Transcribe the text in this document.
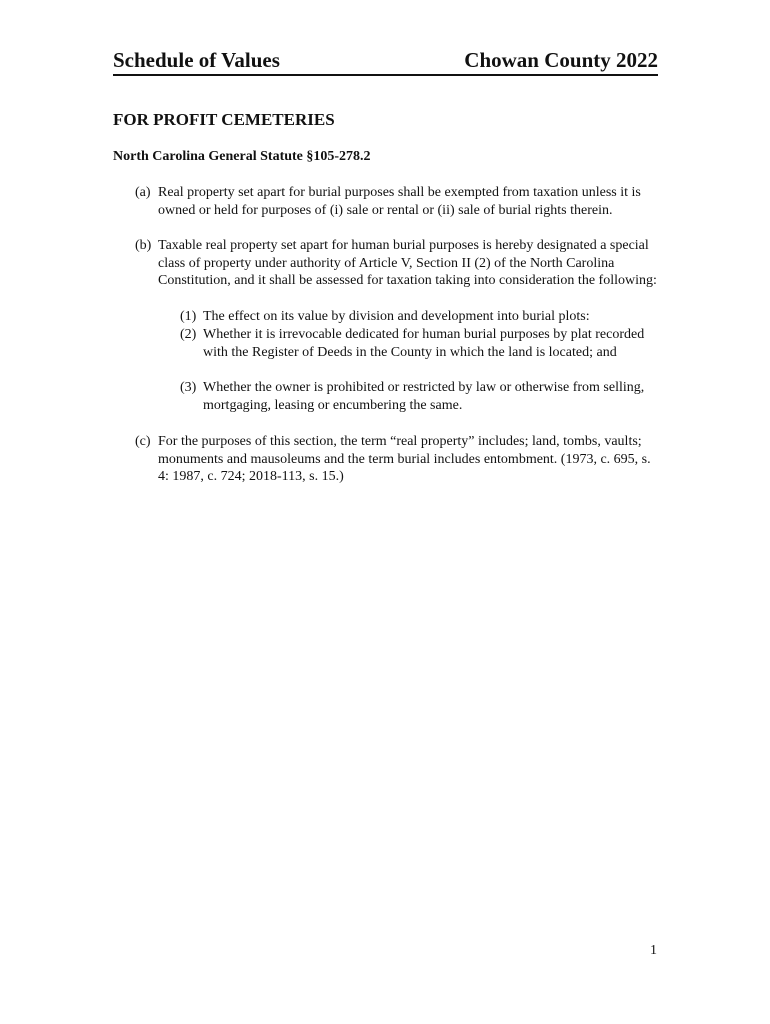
Schedule of Values	Chowan County 2022
FOR PROFIT CEMETERIES
North Carolina General Statute §105-278.2
(a) Real property set apart for burial purposes shall be exempted from taxation unless it is owned or held for purposes of (i) sale or rental or (ii) sale of burial rights therein.
(b) Taxable real property set apart for human burial purposes is hereby designated a special class of property under authority of Article V, Section II (2) of the North Carolina Constitution, and it shall be assessed for taxation taking into consideration the following:
(1) The effect on its value by division and development into burial plots:
(2) Whether it is irrevocable dedicated for human burial purposes by plat recorded with the Register of Deeds in the County in which the land is located; and
(3) Whether the owner is prohibited or restricted by law or otherwise from selling, mortgaging, leasing or encumbering the same.
(c) For the purposes of this section, the term “real property” includes; land, tombs, vaults; monuments and mausoleums and the term burial includes entombment. (1973, c. 695, s. 4: 1987, c. 724; 2018-113, s. 15.)
1
